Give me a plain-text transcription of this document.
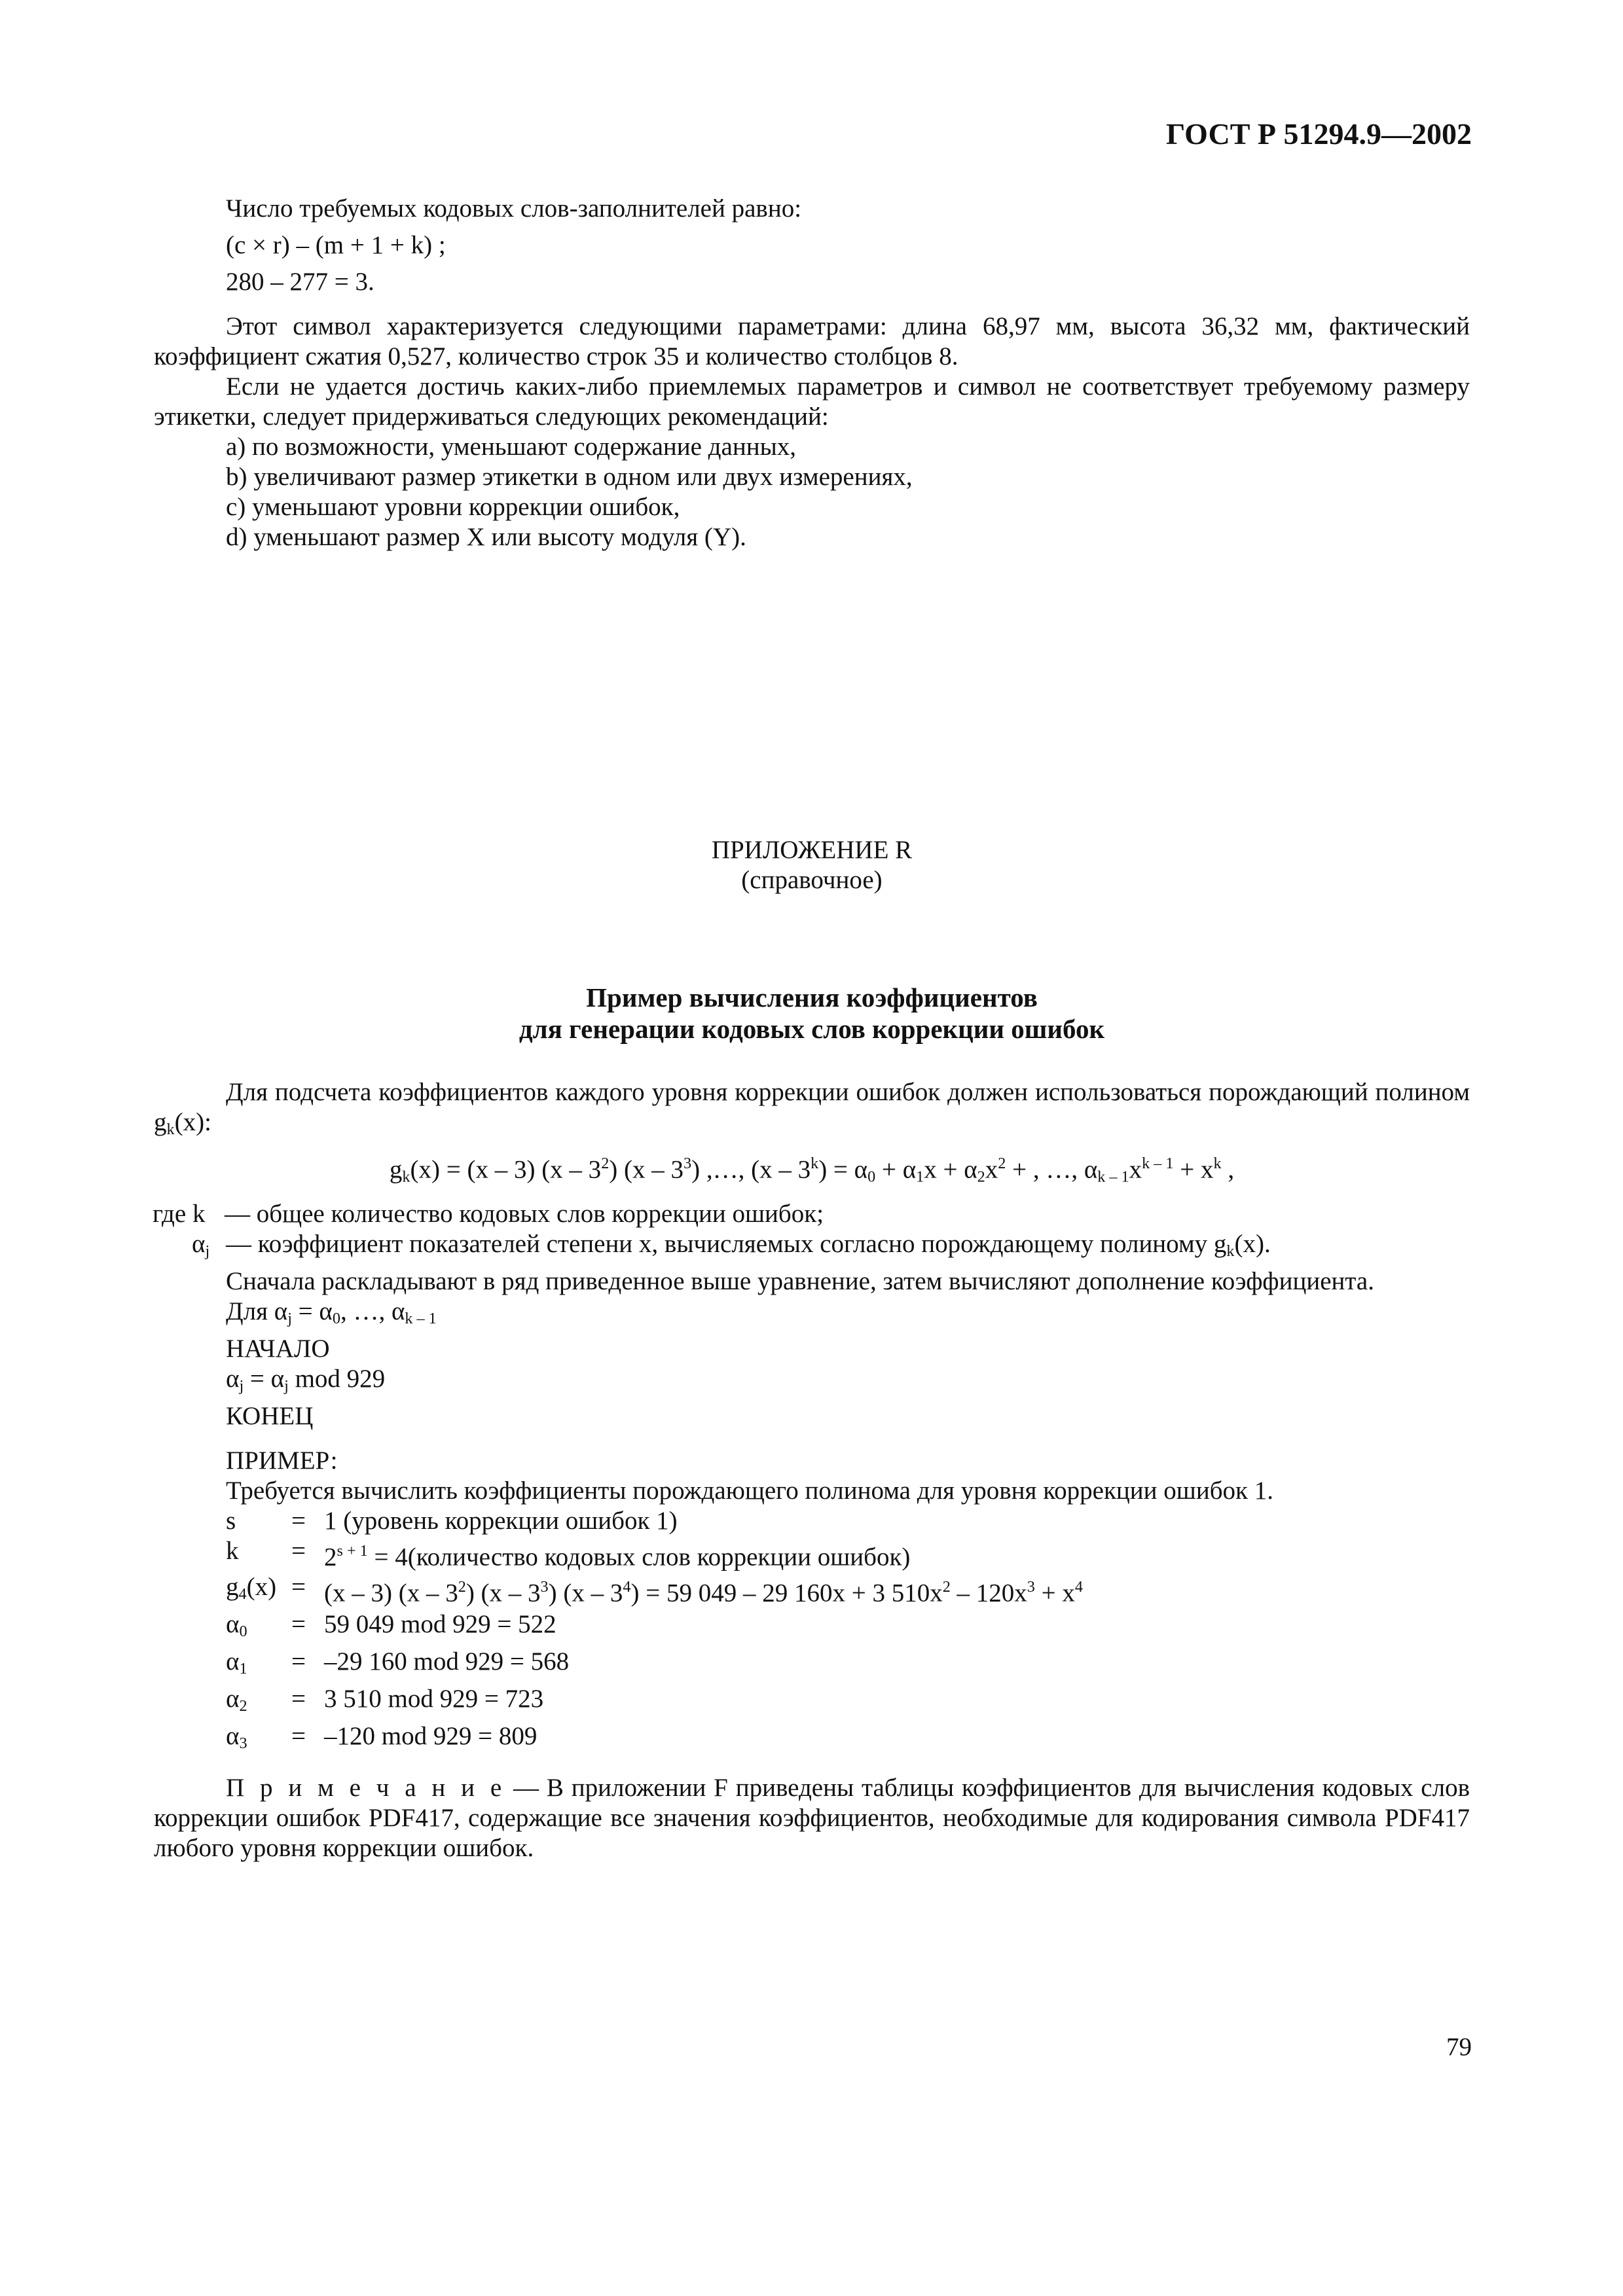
ГОСТ Р 51294.9—2002

Число требуемых кодовых слов-заполнителей равно:

(c × r) – (m + 1 + k) ;

280 – 277 = 3.

Этот символ характеризуется следующими параметрами: длина 68,97 мм, высота 36,32 мм, фактический коэффициент сжатия 0,527, количество строк 35 и количество столбцов 8.

Если не удается достичь каких-либо приемлемых параметров и символ не соответствует требуемому размеру этикетки, следует придерживаться следующих рекомендаций:

a) по возможности, уменьшают содержание данных,

b) увеличивают размер этикетки в одном или двух измерениях,

c) уменьшают уровни коррекции ошибок,

d) уменьшают размер X или высоту модуля (Y).

ПРИЛОЖЕНИЕ R

(справочное)

Пример вычисления коэффициентов

для генерации кодовых слов коррекции ошибок

Для подсчета коэффициентов каждого уровня коррекции ошибок должен использоваться порождающий полином $g_k(x)$:

$g_k(x) = (x - 3)$ $(x - 3^2)$ $(x - 3^3)$ ,…, $(x - 3^k) = \alpha_0 + \alpha_1x + \alpha_2x^2$ + , …, $\alpha_{k - 1}x^{k - 1} + x^k$ ,

где k — общее количество кодовых слов коррекции ошибок;
$\alpha_j$ — коэффициент показателей степени x, вычисляемых согласно порождающему полиному $g_k(x)$.

Сначала раскладывают в ряд приведенное выше уравнение, затем вычисляют дополнение коэффициента.

Для $\alpha_j = \alpha_0$, …, $\alpha_{k - 1}$

НАЧАЛО

$\alpha_j = \alpha_j$ mod 929

КОНЕЦ

ПРИМЕР:

Требуется вычислить коэффициенты порождающего полинома для уровня коррекции ошибок 1.

s	= 1 (уровень коррекции ошибок 1)
k	= $2^{s + 1}$ = 4(количество кодовых слов коррекции ошибок)
$g_4(x) = (x - 3)$ $(x - 3^2)$ $(x - 3^3)$ $(x - 3^4) = 59$ 049 – 29 160x + 3 $510x^2 - 120x^3 + x^4$
$\alpha_0$	= 59 049 mod 929 = 522
$\alpha_1$	= –29 160 mod 929 = 568
$\alpha_2$	= 3 510 mod 929 = 723
$\alpha_3$	= –120 mod 929 = 809

П р и м е ч а н и е — В приложении F приведены таблицы коэффициентов для вычисления кодовых слов коррекции ошибок PDF417, содержащие все значения коэффициентов, необходимые для кодирования символа PDF417 любого уровня коррекции ошибок.

79
